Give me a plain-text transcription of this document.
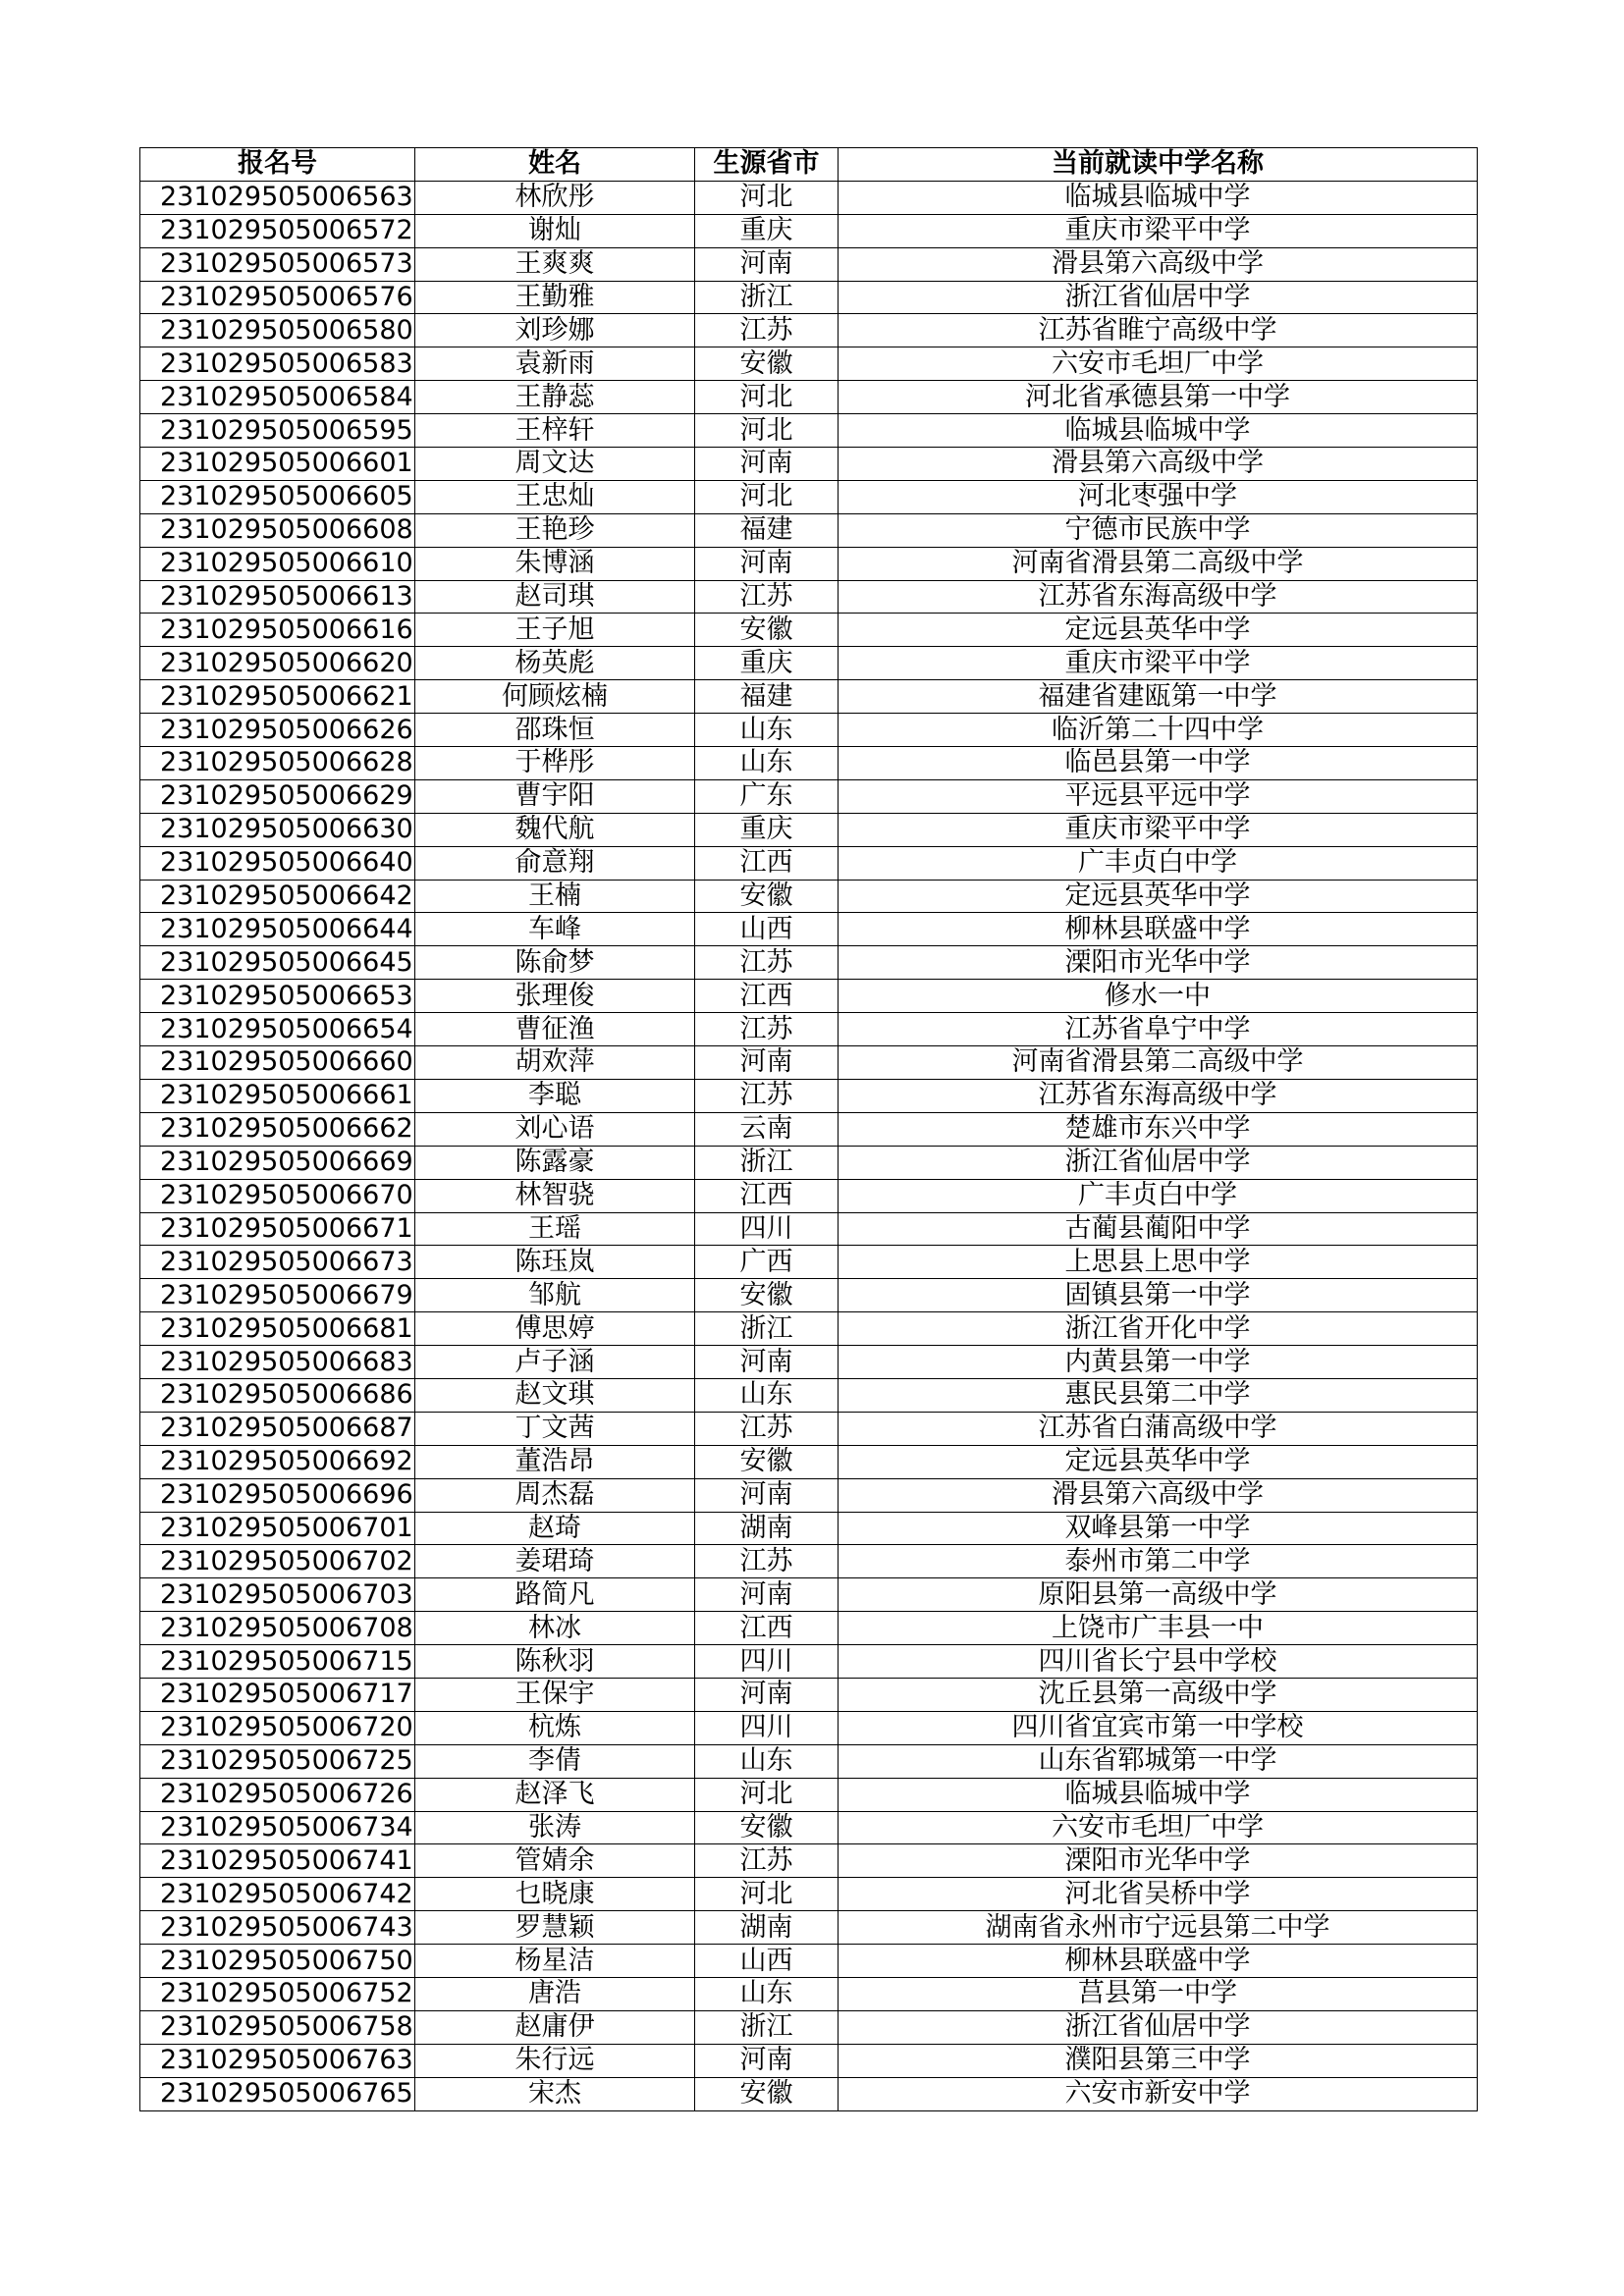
报名号	姓名	生源省市	当前就读中学名称
231029505006563	林欣彤	河北	临城县临城中学
231029505006572	谢灿	重庆	重庆市梁平中学
231029505006573	王爽爽	河南	滑县第六高级中学
231029505006576	王勤雅	浙江	浙江省仙居中学
231029505006580	刘珍娜	江苏	江苏省睢宁高级中学
231029505006583	袁新雨	安徽	六安市毛坦厂中学
231029505006584	王静蕊	河北	河北省承德县第一中学
231029505006595	王梓轩	河北	临城县临城中学
231029505006601	周文达	河南	滑县第六高级中学
231029505006605	王忠灿	河北	河北枣强中学
231029505006608	王艳珍	福建	宁德市民族中学
231029505006610	朱博涵	河南	河南省滑县第二高级中学
231029505006613	赵司琪	江苏	江苏省东海高级中学
231029505006616	王子旭	安徽	定远县英华中学
231029505006620	杨英彪	重庆	重庆市梁平中学
231029505006621	何顾炫楠	福建	福建省建瓯第一中学
231029505006626	邵珠恒	山东	临沂第二十四中学
231029505006628	于桦彤	山东	临邑县第一中学
231029505006629	曹宇阳	广东	平远县平远中学
231029505006630	魏代航	重庆	重庆市梁平中学
231029505006640	俞意翔	江西	广丰贞白中学
231029505006642	王楠	安徽	定远县英华中学
231029505006644	车峰	山西	柳林县联盛中学
231029505006645	陈俞梦	江苏	溧阳市光华中学
231029505006653	张理俊	江西	修水一中
231029505006654	曹征渔	江苏	江苏省阜宁中学
231029505006660	胡欢萍	河南	河南省滑县第二高级中学
231029505006661	李聪	江苏	江苏省东海高级中学
231029505006662	刘心语	云南	楚雄市东兴中学
231029505006669	陈露豪	浙江	浙江省仙居中学
231029505006670	林智骁	江西	广丰贞白中学
231029505006671	王瑶	四川	古蔺县蔺阳中学
231029505006673	陈珏岚	广西	上思县上思中学
231029505006679	邹航	安徽	固镇县第一中学
231029505006681	傅思婷	浙江	浙江省开化中学
231029505006683	卢子涵	河南	内黄县第一中学
231029505006686	赵文琪	山东	惠民县第二中学
231029505006687	丁文茜	江苏	江苏省白蒲高级中学
231029505006692	董浩昂	安徽	定远县英华中学
231029505006696	周杰磊	河南	滑县第六高级中学
231029505006701	赵琦	湖南	双峰县第一中学
231029505006702	姜珺琦	江苏	泰州市第二中学
231029505006703	路简凡	河南	原阳县第一高级中学
231029505006708	林冰	江西	上饶市广丰县一中
231029505006715	陈秋羽	四川	四川省长宁县中学校
231029505006717	王保宇	河南	沈丘县第一高级中学
231029505006720	杭炼	四川	四川省宜宾市第一中学校
231029505006725	李倩	山东	山东省郓城第一中学
231029505006726	赵泽飞	河北	临城县临城中学
231029505006734	张涛	安徽	六安市毛坦厂中学
231029505006741	管婧余	江苏	溧阳市光华中学
231029505006742	乜晓康	河北	河北省吴桥中学
231029505006743	罗慧颖	湖南	湖南省永州市宁远县第二中学
231029505006750	杨星洁	山西	柳林县联盛中学
231029505006752	唐浩	山东	莒县第一中学
231029505006758	赵庸伊	浙江	浙江省仙居中学
231029505006763	朱行远	河南	濮阳县第三中学
231029505006765	宋杰	安徽	六安市新安中学
